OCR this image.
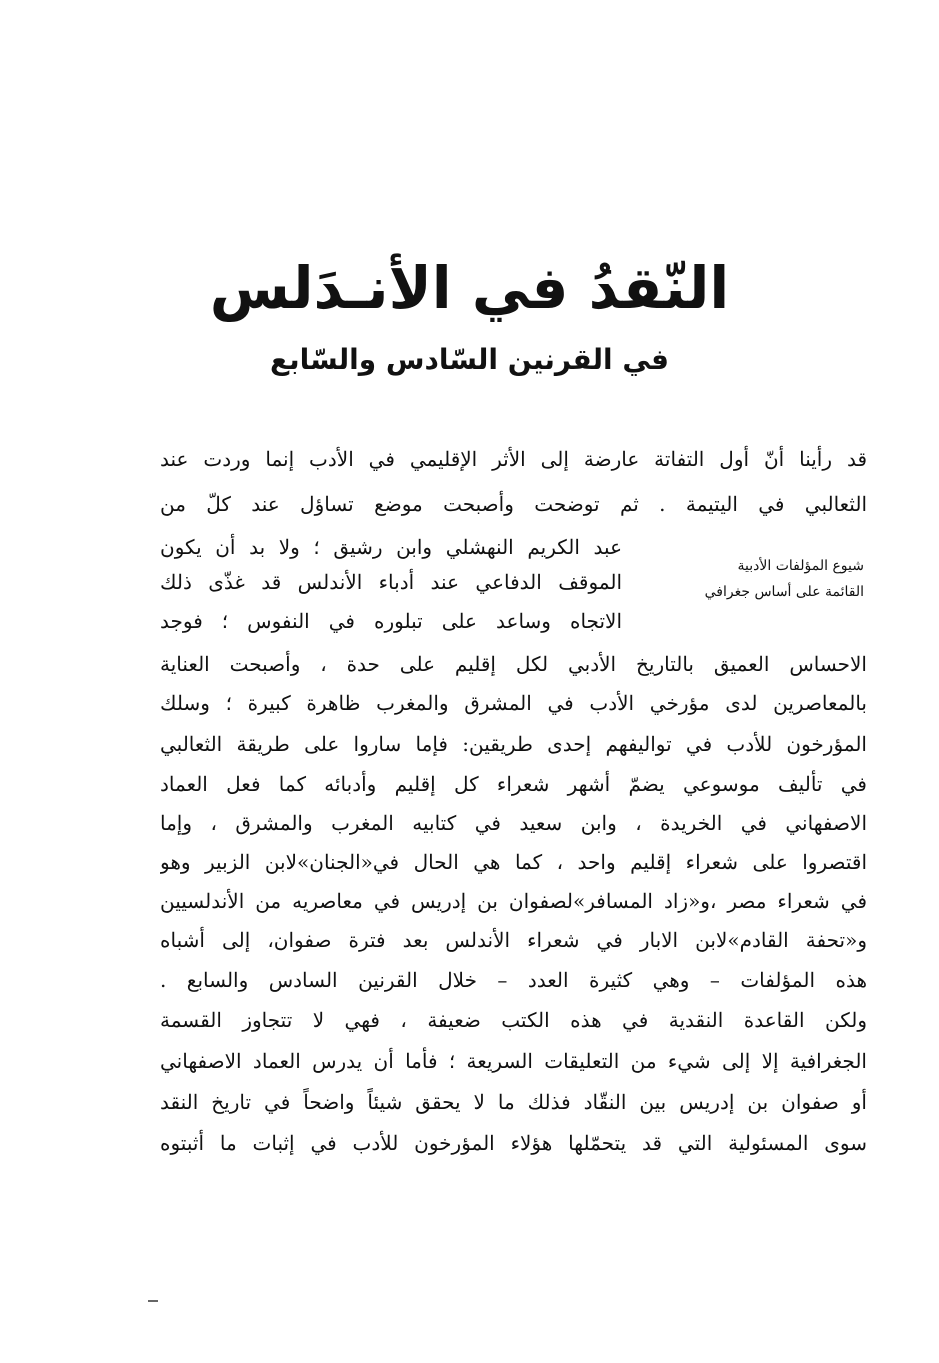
النّقدُ في الأنـدَلس
في القرنين السّادس والسّابع
قد رأينا أنّ أول التفاتة عارضة إلى الأثر الإقليمي في الأدب إنما وردت عند
الثعالبي في اليتيمة . ثم توضحت وأصبحت موضع تساؤل عند كلّ من
عبد الكريم النهشلي وابن رشيق ؛ ولا بد أن يكون
الموقف الدفاعي عند أدباء الأندلس قد غذّى ذلك
الاتجاه وساعد على تبلوره في النفوس ؛ فوجد
شيوع المؤلفات الأدبية
القائمة على أساس جغرافي
الاحساس العميق بالتاريخ الأدبي لكل إقليم على حدة ، وأصبحت العناية
بالمعاصرين لدى مؤرخي الأدب في المشرق والمغرب ظاهرة كبيرة ؛ وسلك
المؤرخون للأدب في تواليفهم إحدى طريقين: فإما ساروا على طريقة الثعالبي
في تأليف موسوعي يضمّ أشهر شعراء كل إقليم وأدبائه كما فعل العماد
الاصفهاني في الخريدة ، وابن سعيد في كتابيه المغرب والمشرق ، وإما
اقتصروا على شعراء إقليم واحد ، كما هي الحال في«الجنان»لابن الزبير وهو
في شعراء مصر ،و«زاد المسافر»لصفوان بن إدريس في معاصريه من الأندلسيين
و«تحفة القادم»لابن الابار في شعراء الأندلس بعد فترة صفوان، إلى أشباه
هذه المؤلفات – وهي كثيرة العدد – خلال القرنين السادس والسابع .
ولكن القاعدة النقدية في هذه الكتب ضعيفة ، فهي لا تتجاوز القسمة
الجغرافية إلا إلى شيء من التعليقات السريعة ؛ فأما أن يدرس العماد الاصفهاني
أو صفوان بن إدريس بين النقّاد فذلك ما لا يحقق شيئاً واضحاً في تاريخ النقد
سوى المسئولية التي قد يتحمّلها هؤلاء المؤرخون للأدب في إثبات ما أثبتوه
